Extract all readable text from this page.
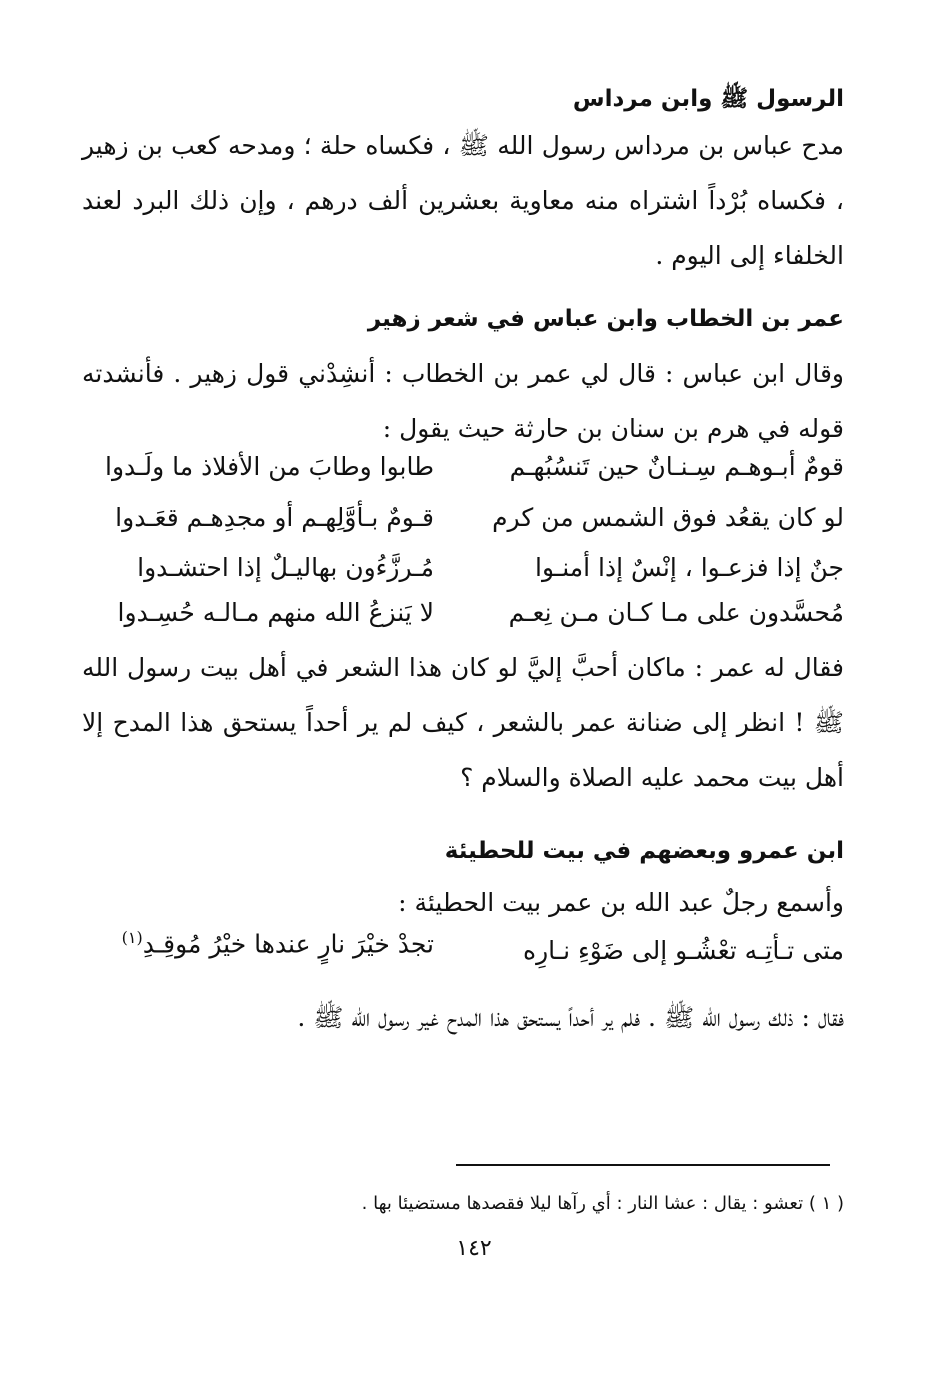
الرسول ﷺ وابن مرداس
مدح عباس بن مرداس رسول الله ﷺ ، فكساه حلة ؛ ومدحه كعب بن زهير ، فكساه بُرْداً اشتراه منه معاوية بعشرين ألف درهم ، وإن ذلك البرد لعند الخلفاء إلى اليوم .
عمر بن الخطاب وابن عباس في شعر زهير
وقال ابن عباس : قال لي عمر بن الخطاب : أنشِدْني قول زهير . فأنشدته قوله في هرم بن سنان بن حارثة حيث يقول :
قومٌ أبـوهـم سِـنـانٌ حين تَنسُبُهـم
طابوا وطابَ من الأفلاذ ما ولَـدوا
لو كان يقعُد فوق الشمس من كرم
قـومٌ بـأوَّلِهـم أو مجدِهـم قعَـدوا
جنٌ إذا فزعـوا ، إنْسٌ إذا أمنـوا
مُـرزَّءُون بهاليـلٌ إذا احتشـدوا
مُحسَّدون على مـا كـان مـن نِعـم
لا يَنزعُ الله منهم مـالـه حُسِـدوا
فقال له عمر : ماكان أحبَّ إليَّ لو كان هذا الشعر في أهل بيت رسول الله ﷺ ! انظر إلى ضنانة عمر بالشعر ، كيف لم ير أحداً يستحق هذا المدح إلا أهل بيت محمد عليه الصلاة والسلام ؟
ابن عمرو وبعضهم في بيت للحطيئة
وأسمع رجلٌ عبد الله بن عمر بيت الحطيئة :
متى تـأتِـه تعْشُـو إلى ضَوْءِ نـارِه
تجدْ خيْرَ نارٍ عندها خيْرُ مُوقِـدِ$^{(١)}$
فقال : ذلك رسول الله ﷺ . فلم ير أحداً يستحق هذا المدح غير رسول الله ﷺ .
( ١ ) تعشو : يقال : عشا النار : أي رآها ليلا فقصدها مستضيئا بها .
١٤٢
